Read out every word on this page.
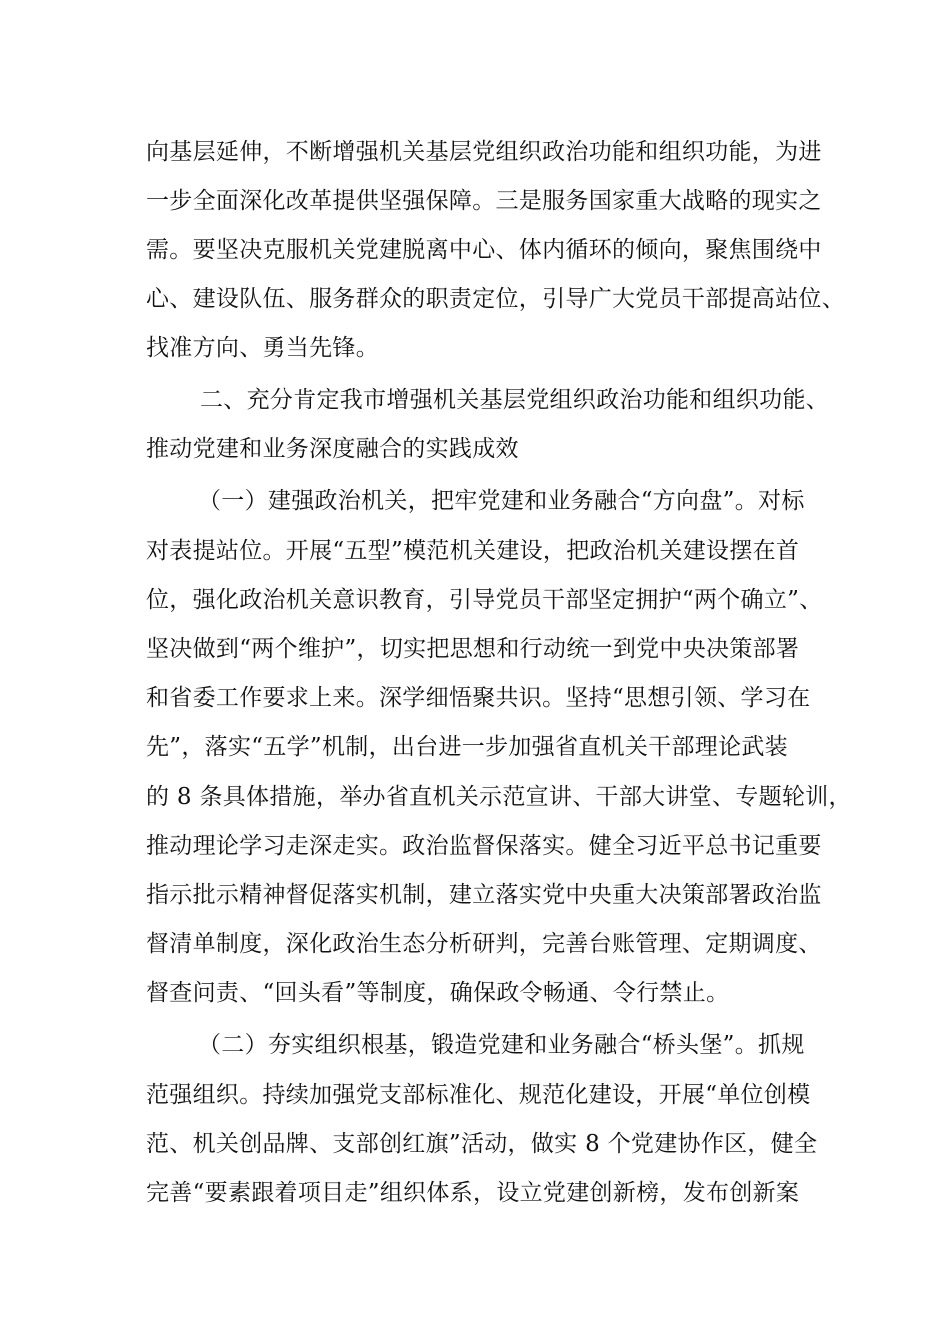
向基层延伸，不断增强机关基层党组织政治功能和组织功能，为进
一步全面深化改革提供坚强保障。三是服务国家重大战略的现实之
需。要坚决克服机关党建脱离中心、体内循环的倾向，聚焦围绕中
心、建设队伍、服务群众的职责定位，引导广大党员干部提高站位、
找准方向、勇当先锋。
二、充分肯定我市增强机关基层党组织政治功能和组织功能、
推动党建和业务深度融合的实践成效
（一）建强政治机关，把牢党建和业务融合“方向盘”。对标
对表提站位。开展“五型”模范机关建设，把政治机关建设摆在首
位，强化政治机关意识教育，引导党员干部坚定拥护“两个确立”、
坚决做到“两个维护”，切实把思想和行动统一到党中央决策部署
和省委工作要求上来。深学细悟聚共识。坚持“思想引领、学习在
先”，落实“五学”机制，出台进一步加强省直机关干部理论武装
的 8 条具体措施，举办省直机关示范宣讲、干部大讲堂、专题轮训，
推动理论学习走深走实。政治监督保落实。健全习近平总书记重要
指示批示精神督促落实机制，建立落实党中央重大决策部署政治监
督清单制度，深化政治生态分析研判，完善台账管理、定期调度、
督查问责、“回头看”等制度，确保政令畅通、令行禁止。
（二）夯实组织根基，锻造党建和业务融合“桥头堡”。抓规
范强组织。持续加强党支部标准化、规范化建设，开展“单位创模
范、机关创品牌、支部创红旗”活动，做实 8 个党建协作区，健全
完善“要素跟着项目走”组织体系，设立党建创新榜，发布创新案
